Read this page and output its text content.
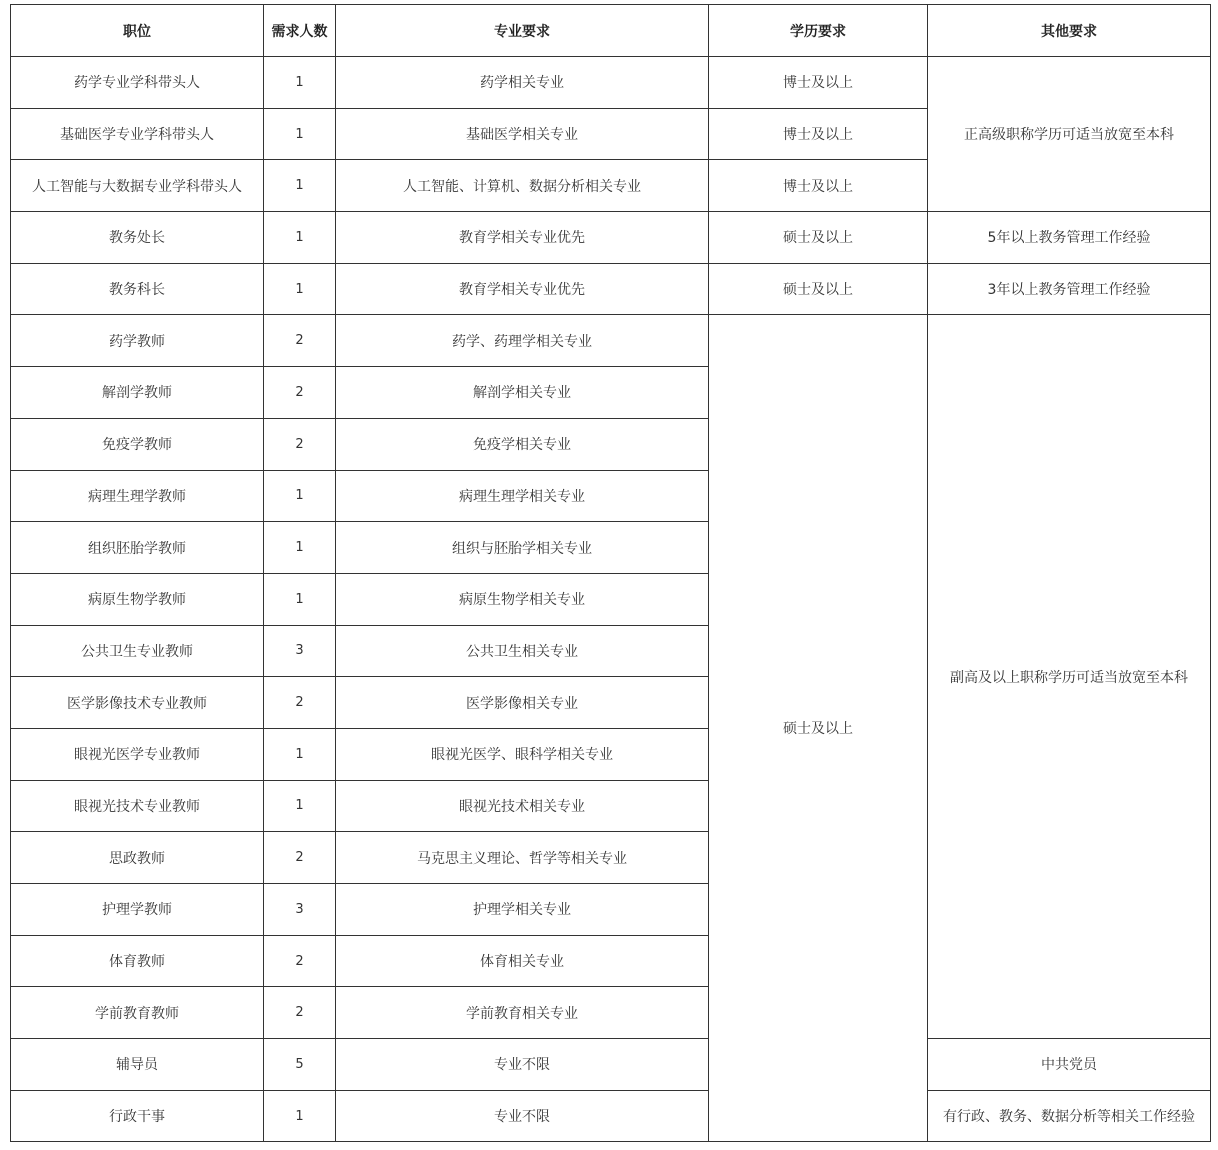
职位	需求人数	专业要求	学历要求	其他要求
药学专业学科带头人	1	药学相关专业	博士及以上	正高级职称学历可适当放宽至本科
基础医学专业学科带头人	1	基础医学相关专业	博士及以上	
人工智能与大数据专业学科带头人	1	人工智能、计算机、数据分析相关专业	博士及以上	
教务处长	1	教育学相关专业优先	硕士及以上	5年以上教务管理工作经验
教务科长	1	教育学相关专业优先	硕士及以上	3年以上教务管理工作经验
药学教师	2	药学、药理学相关专业	硕士及以上	副高及以上职称学历可适当放宽至本科
解剖学教师	2	解剖学相关专业		
免疫学教师	2	免疫学相关专业		
病理生理学教师	1	病理生理学相关专业		
组织胚胎学教师	1	组织与胚胎学相关专业		
病原生物学教师	1	病原生物学相关专业		
公共卫生专业教师	3	公共卫生相关专业		
医学影像技术专业教师	2	医学影像相关专业		
眼视光医学专业教师	1	眼视光医学、眼科学相关专业		
眼视光技术专业教师	1	眼视光技术相关专业		
思政教师	2	马克思主义理论、哲学等相关专业		
护理学教师	3	护理学相关专业		
体育教师	2	体育相关专业		
学前教育教师	2	学前教育相关专业		
辅导员	5	专业不限		中共党员
行政干事	1	专业不限		有行政、教务、数据分析等相关工作经验
